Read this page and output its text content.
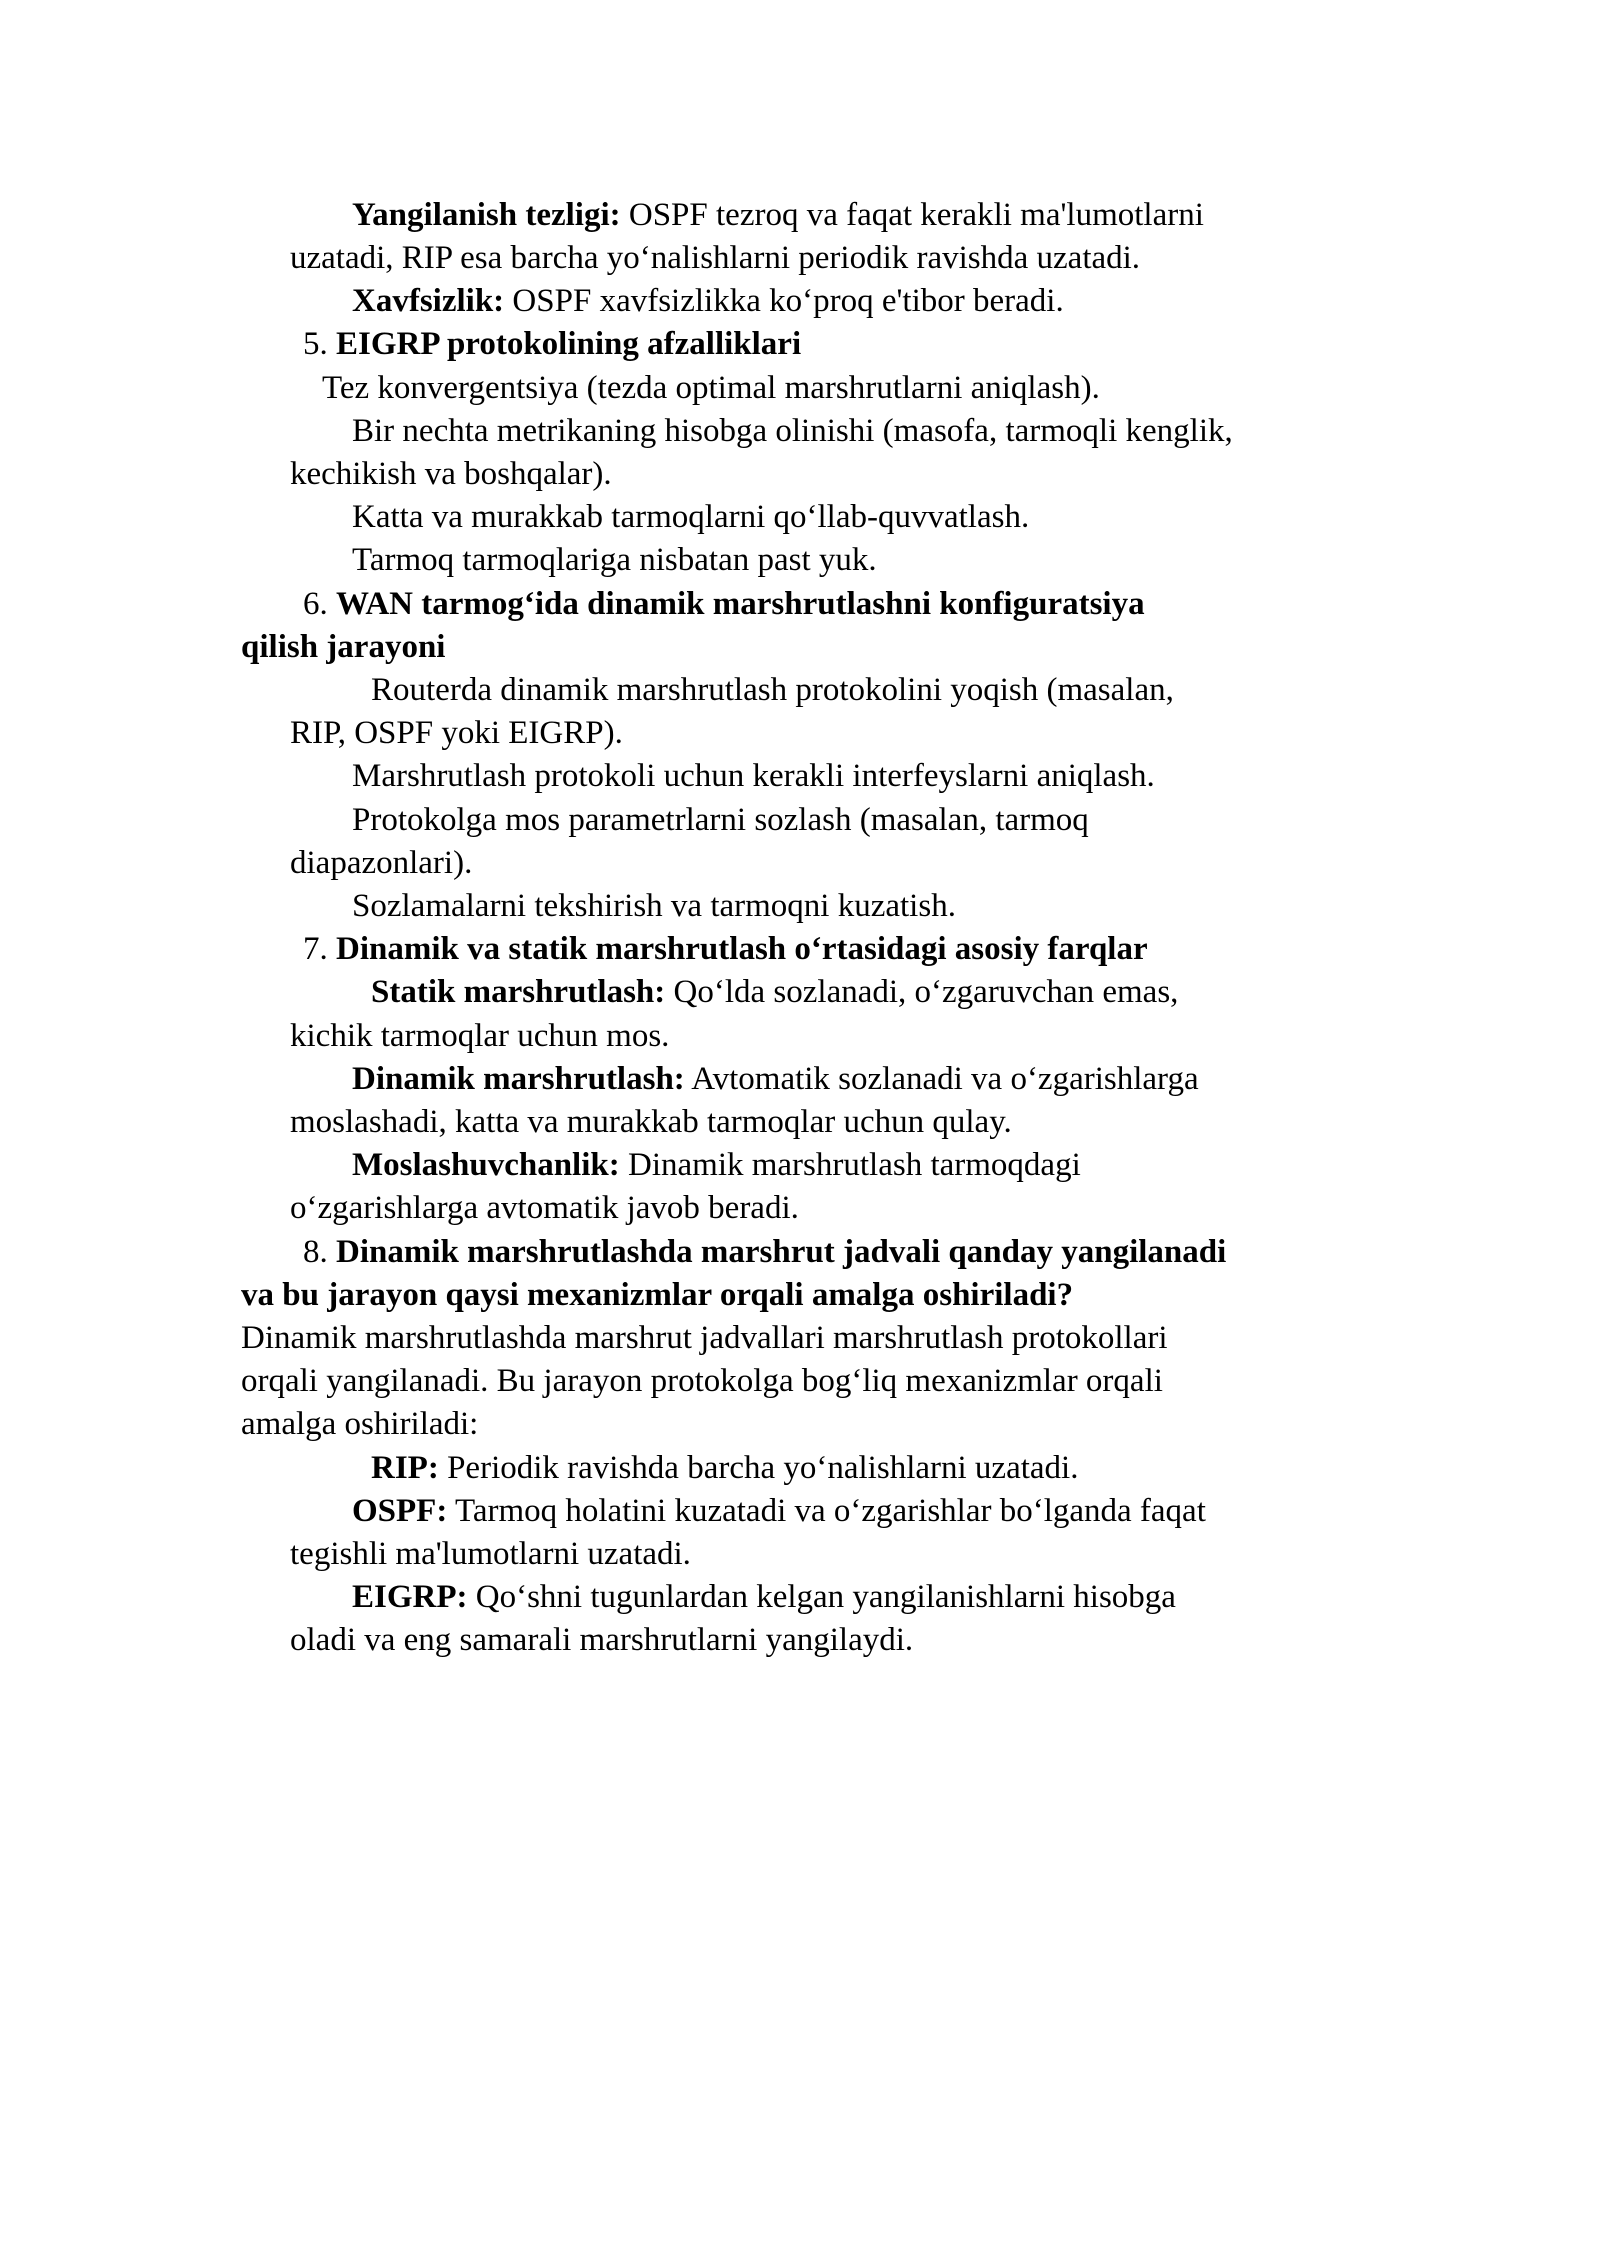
Yangilanish tezligi: OSPF tezroq va faqat kerakli ma'lumotlarni
uzatadi, RIP esa barcha yo‘nalishlarni periodik ravishda uzatadi.
Xavfsizlik: OSPF xavfsizlikka ko‘proq e'tibor beradi.
5. EIGRP protokolining afzalliklari
Tez konvergentsiya (tezda optimal marshrutlarni aniqlash).
Bir nechta metrikaning hisobga olinishi (masofa, tarmoqli kenglik,
kechikish va boshqalar).
Katta va murakkab tarmoqlarni qo‘llab-quvvatlash.
Tarmoq tarmoqlariga nisbatan past yuk.
6. WAN tarmog‘ida dinamik marshrutlashni konfiguratsiya
qilish jarayoni
Routerda dinamik marshrutlash protokolini yoqish (masalan,
RIP, OSPF yoki EIGRP).
Marshrutlash protokoli uchun kerakli interfeyslarni aniqlash.
Protokolga mos parametrlarni sozlash (masalan, tarmoq
diapazonlari).
Sozlamalarni tekshirish va tarmoqni kuzatish.
7. Dinamik va statik marshrutlash o‘rtasidagi asosiy farqlar
Statik marshrutlash: Qo‘lda sozlanadi, o‘zgaruvchan emas,
kichik tarmoqlar uchun mos.
Dinamik marshrutlash: Avtomatik sozlanadi va o‘zgarishlarga
moslashadi, katta va murakkab tarmoqlar uchun qulay.
Moslashuvchanlik: Dinamik marshrutlash tarmoqdagi
o‘zgarishlarga avtomatik javob beradi.
8. Dinamik marshrutlashda marshrut jadvali qanday yangilanadi
va bu jarayon qaysi mexanizmlar orqali amalga oshiriladi?
Dinamik marshrutlashda marshrut jadvallari marshrutlash protokollari
orqali yangilanadi. Bu jarayon protokolga bog‘liq mexanizmlar orqali
amalga oshiriladi:
RIP: Periodik ravishda barcha yo‘nalishlarni uzatadi.
OSPF: Tarmoq holatini kuzatadi va o‘zgarishlar bo‘lganda faqat
tegishli ma'lumotlarni uzatadi.
EIGRP: Qo‘shni tugunlardan kelgan yangilanishlarni hisobga
oladi va eng samarali marshrutlarni yangilaydi.
